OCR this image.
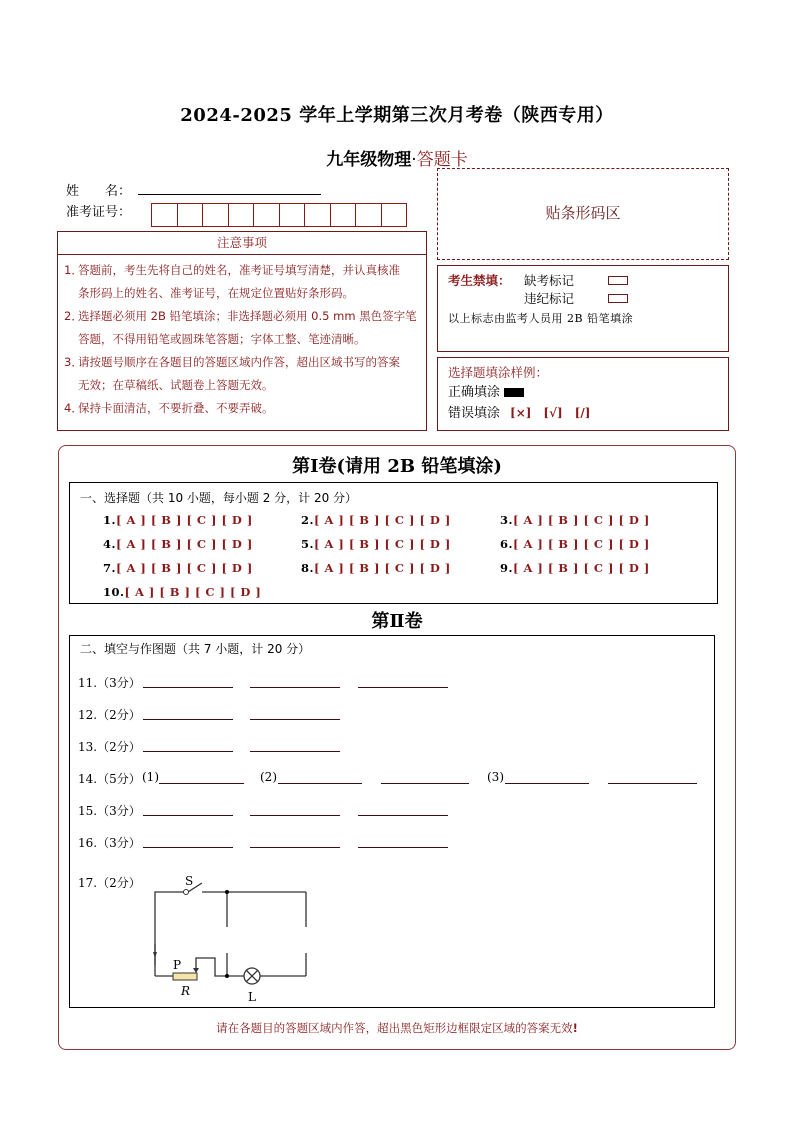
2024-2025 学年上学期第三次月考卷（陕西专用）
九年级物理·答题卡
姓　　名：
准考证号：
注意事项
1．答题前，考生先将自己的姓名，准考证号填写清楚，并认真核准
条形码上的姓名、准考证号，在规定位置贴好条形码。
2．选择题必须用 2B 铅笔填涂；非选择题必须用 0.5 mm 黑色签字笔
答题，不得用铅笔或圆珠笔答题；字体工整、笔迹清晰。
3．请按题号顺序在各题目的答题区域内作答，超出区域书写的答案
无效；在草稿纸、试题卷上答题无效。
4．保持卡面清洁，不要折叠、不要弄破。
贴条形码区
考生禁填： 缺考标记
违纪标记
以上标志由监考人员用 2B 铅笔填涂
选择题填涂样例：
正确填涂
错误填涂 [×]　[√]　[/]
第Ⅰ卷(请用 2B 铅笔填涂)
一、选择题（共 10 小题，每小题 2 分，计 20 分）
1.[ A ] [ B ] [ C ] [ D ]	2.[ A ] [ B ] [ C ] [ D ]	3.[ A ] [ B ] [ C ] [ D ]
4.[ A ] [ B ] [ C ] [ D ]	5.[ A ] [ B ] [ C ] [ D ]	6.[ A ] [ B ] [ C ] [ D ]
7.[ A ] [ B ] [ C ] [ D ]	8.[ A ] [ B ] [ C ] [ D ]	9.[ A ] [ B ] [ C ] [ D ]
10.[ A ] [ B ] [ C ] [ D ]
第Ⅱ卷
二、填空与作图题（共 7 小题，计 20 分）
11.（3分）
12.（2分）
13.（2分）
14.（5分） (1)	(2)	(3)
15.（3分）
16.（3分）
17.（2分）	S
P
R	L
请在各题目的答题区域内作答，超出黑色矩形边框限定区域的答案无效!
